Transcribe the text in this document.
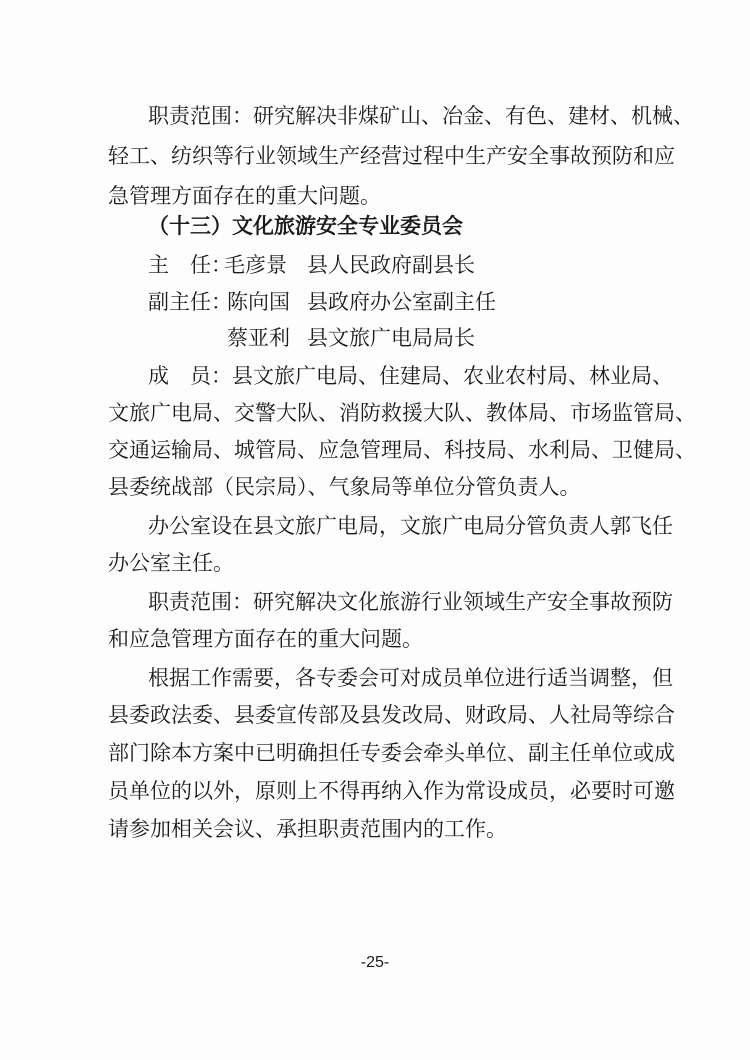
职责范围：研究解决非煤矿山、冶金、有色、建材、机械、
轻工、纺织等行业领域生产经营过程中生产安全事故预防和应
急管理方面存在的重大问题。
（十三）文化旅游安全专业委员会
主　任：
毛彦景 县人民政府副县长
副主任：
陈向国 县政府办公室副主任
蔡亚利 县文旅广电局局长
成　员：县文旅广电局、住建局、农业农村局、林业局、
文旅广电局、交警大队、消防救援大队、教体局、市场监管局、
交通运输局、城管局、应急管理局、科技局、水利局、卫健局、
县委统战部（民宗局）、气象局等单位分管负责人。
办公室设在县文旅广电局，文旅广电局分管负责人郭飞任
办公室主任。
职责范围：研究解决文化旅游行业领域生产安全事故预防
和应急管理方面存在的重大问题。
根据工作需要，各专委会可对成员单位进行适当调整，但
县委政法委、县委宣传部及县发改局、财政局、人社局等综合
部门除本方案中已明确担任专委会牵头单位、副主任单位或成
员单位的以外，原则上不得再纳入作为常设成员，必要时可邀
请参加相关会议、承担职责范围内的工作。
-25-
